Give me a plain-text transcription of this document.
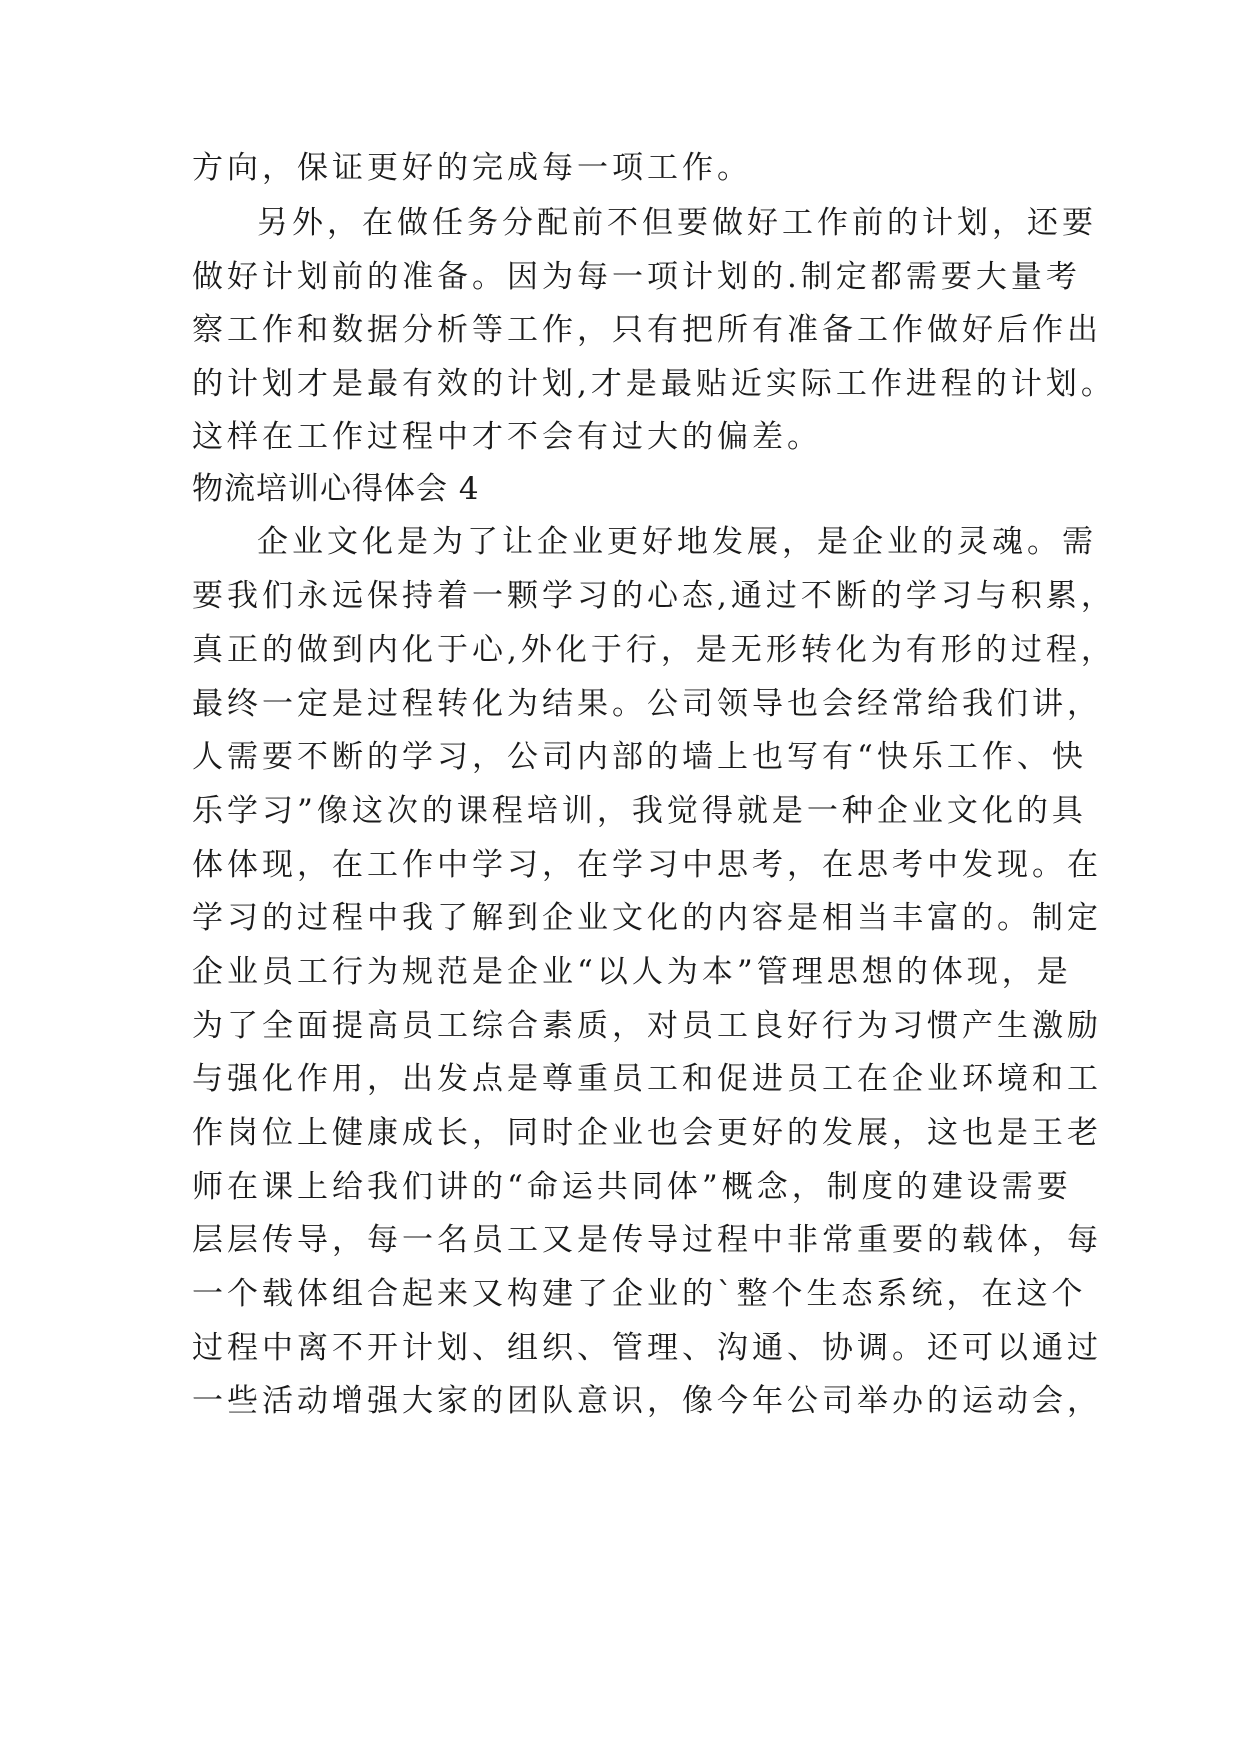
方向，保证更好的完成每一项工作。
另外，在做任务分配前不但要做好工作前的计划，还要
做好计划前的准备。因为每一项计划的.制定都需要大量考
察工作和数据分析等工作，只有把所有准备工作做好后作出
的计划才是最有效的计划,才是最贴近实际工作进程的计划。
这样在工作过程中才不会有过大的偏差。
物流培训心得体会 4
企业文化是为了让企业更好地发展，是企业的灵魂。需
要我们永远保持着一颗学习的心态,通过不断的学习与积累，
真正的做到内化于心,外化于行，是无形转化为有形的过程，
最终一定是过程转化为结果。公司领导也会经常给我们讲，
人需要不断的学习，公司内部的墙上也写有“快乐工作、快
乐学习”像这次的课程培训，我觉得就是一种企业文化的具
体体现，在工作中学习，在学习中思考，在思考中发现。在
学习的过程中我了解到企业文化的内容是相当丰富的。制定
企业员工行为规范是企业“以人为本”管理思想的体现，是
为了全面提高员工综合素质，对员工良好行为习惯产生激励
与强化作用，出发点是尊重员工和促进员工在企业环境和工
作岗位上健康成长，同时企业也会更好的发展，这也是王老
师在课上给我们讲的“命运共同体”概念，制度的建设需要
层层传导，每一名员工又是传导过程中非常重要的载体，每
一个载体组合起来又构建了企业的`整个生态系统，在这个
过程中离不开计划、组织、管理、沟通、协调。还可以通过
一些活动增强大家的团队意识，像今年公司举办的运动会，
